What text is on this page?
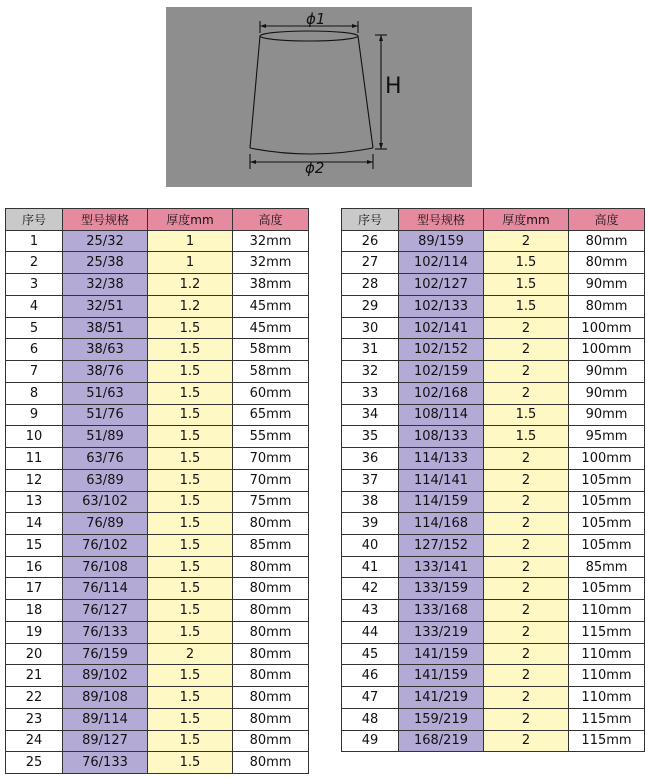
ϕ1
ϕ2
H
序号	型号规格	厚度mm	高度
1	25/32	1	32mm
2	25/38	1	32mm
3	32/38	1.2	38mm
4	32/51	1.2	45mm
5	38/51	1.5	45mm
6	38/63	1.5	58mm
7	38/76	1.5	58mm
8	51/63	1.5	60mm
9	51/76	1.5	65mm
10	51/89	1.5	55mm
11	63/76	1.5	70mm
12	63/89	1.5	70mm
13	63/102	1.5	75mm
14	76/89	1.5	80mm
15	76/102	1.5	85mm
16	76/108	1.5	80mm
17	76/114	1.5	80mm
18	76/127	1.5	80mm
19	76/133	1.5	80mm
20	76/159	2	80mm
21	89/102	1.5	80mm
22	89/108	1.5	80mm
23	89/114	1.5	80mm
24	89/127	1.5	80mm
25	76/133	1.5	80mm
序号	型号规格	厚度mm	高度
26	89/159	2	80mm
27	102/114	1.5	80mm
28	102/127	1.5	90mm
29	102/133	1.5	80mm
30	102/141	2	100mm
31	102/152	2	100mm
32	102/159	2	90mm
33	102/168	2	90mm
34	108/114	1.5	90mm
35	108/133	1.5	95mm
36	114/133	2	100mm
37	114/141	2	105mm
38	114/159	2	105mm
39	114/168	2	105mm
40	127/152	2	105mm
41	133/141	2	85mm
42	133/159	2	105mm
43	133/168	2	110mm
44	133/219	2	115mm
45	141/159	2	110mm
46	141/159	2	110mm
47	141/219	2	110mm
48	159/219	2	115mm
49	168/219	2	115mm
